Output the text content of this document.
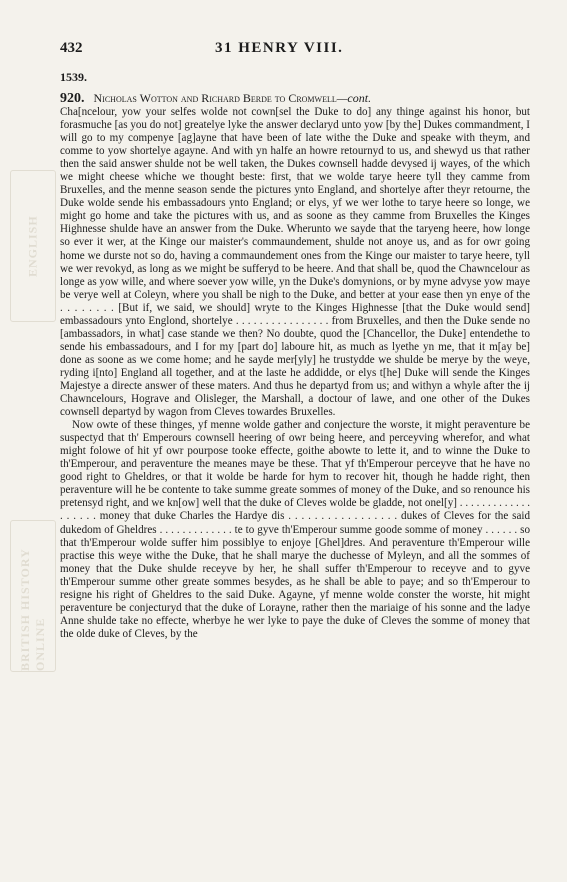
432	31 HENRY VIII.
ENGLISH
BRITISH HISTORY ONLINE
1539.
920. Nicholas Wotton and Richard Berde to Cromwell—cont.

Cha[ncelour, yow your selfes wolde not cown[sel the Duke to do] any thinge against his honor, but forasmuche [as you do not] greatelye lyke the answer declaryd unto yow [by the] Dukes commandment, I will go to my compenye [ag]ayne that have been of late withe the Duke and speake with theym, and comme to yow shortelye agayne. And with yn halfe an howre retournyd to us, and shewyd us that rather then the said answer shulde not be well taken, the Dukes cownsell hadde devysed ij wayes, of the which we might cheese whiche we thought beste: first, that we wolde tarye heere tyll they camme from Bruxelles, and the menne season sende the pictures ynto England, and shortelye after theyr retourne, the Duke wolde sende his embassadours ynto England; or elys, yf we wer lothe to tarye heere so longe, we might go home and take the pictures with us, and as soone as they camme from Bruxelles the Kinges Highnesse shulde have an answer from the Duke. Wherunto we sayde that the taryeng heere, how longe so ever it wer, at the Kinge our maister's commaundement, shulde not anoye us, and as for owr going home we durste not so do, having a commaundement ones from the Kinge our maister to tarye heere, tyll we wer revokyd, as long as we might be sufferyd to be heere. And that shall be, quod the Chawncelour as longe as yow wille, and where soever yow wille, yn the Duke's domynions, or by myne advyse yow maye be verye well at Coleyn, where you shall be nigh to the Duke, and better at your ease then yn enye of the . . . . . . . . [But if, we said, we should] wryte to the Kinges Highnesse [that the Duke would send] embassadours ynto Englond, shortelye . . . . . . . . . . . . . . . . from Bruxelles, and then the Duke sende no [ambassadors, in what] case stande we then? No doubte, quod the [Chancellor, the Duke] entendethe to sende his embassadours, and I for my [part do] laboure hit, as much as lyethe yn me, that it m[ay be] done as soone as we come home; and he sayde mer[yly] he trustydde we shulde be merye by the weye, ryding i[nto] England all together, and at the laste he addidde, or elys t[he] Duke will sende the Kinges Majestye a directe answer of these maters. And thus he departyd from us; and withyn a whyle after the ij Chawncelours, Hograve and Olisleger, the Marshall, a doctour of lawe, and one other of the Dukes cownsell departyd by wagon from Cleves towardes Bruxelles.

Now owte of these thinges, yf menne wolde gather and conjecture the worste, it might peraventure be suspectyd that th' Emperours cownsell heering of owr being heere, and perceyving wherefor, and what might folowe of hit yf owr pourpose tooke effecte, goithe abowte to lette it, and to winne the Duke to th'Emperour, and peraventure the meanes maye be these. That yf th'Emperour perceyve that he have no good right to Gheldres, or that it wolde be harde for hym to recover hit, though he hadde right, then peraventure will he be contente to take summe greate sommes of money of the Duke, and so renounce his pretensyd right, and we kn[ow] well that the duke of Cleves wolde be gladde, not onel[y] . . . . . . . . . . . . . . . . . . . money that duke Charles the Hardye dis . . . . . . . . . . . . . . . . . dukes of Cleves for the said dukedom of Gheldres . . . . . . . . . . . . . te to gyve th'Emperour summe goode somme of money . . . . . . so that th'Emperour wolde suffer him possiblye to enjoye [Ghel]dres. And peraventure th'Emperour wille practise this weye withe the Duke, that he shall marye the duchesse of Myleyn, and all the sommes of money that the Duke shulde receyve by her, he shall suffer th'Emperour to receyve and to gyve th'Emperour summe other greate sommes besydes, as he shall be able to paye; and so th'Emperour to resigne his right of Gheldres to the said Duke. Agayne, yf menne wolde conster the worste, hit might peraventure be conjecturyd that the duke of Lorayne, rather then the mariaige of his sonne and the ladye Anne shulde take no effecte, wherbye he wer lyke to paye the duke of Cleves the somme of money that the olde duke of Cleves, by the
